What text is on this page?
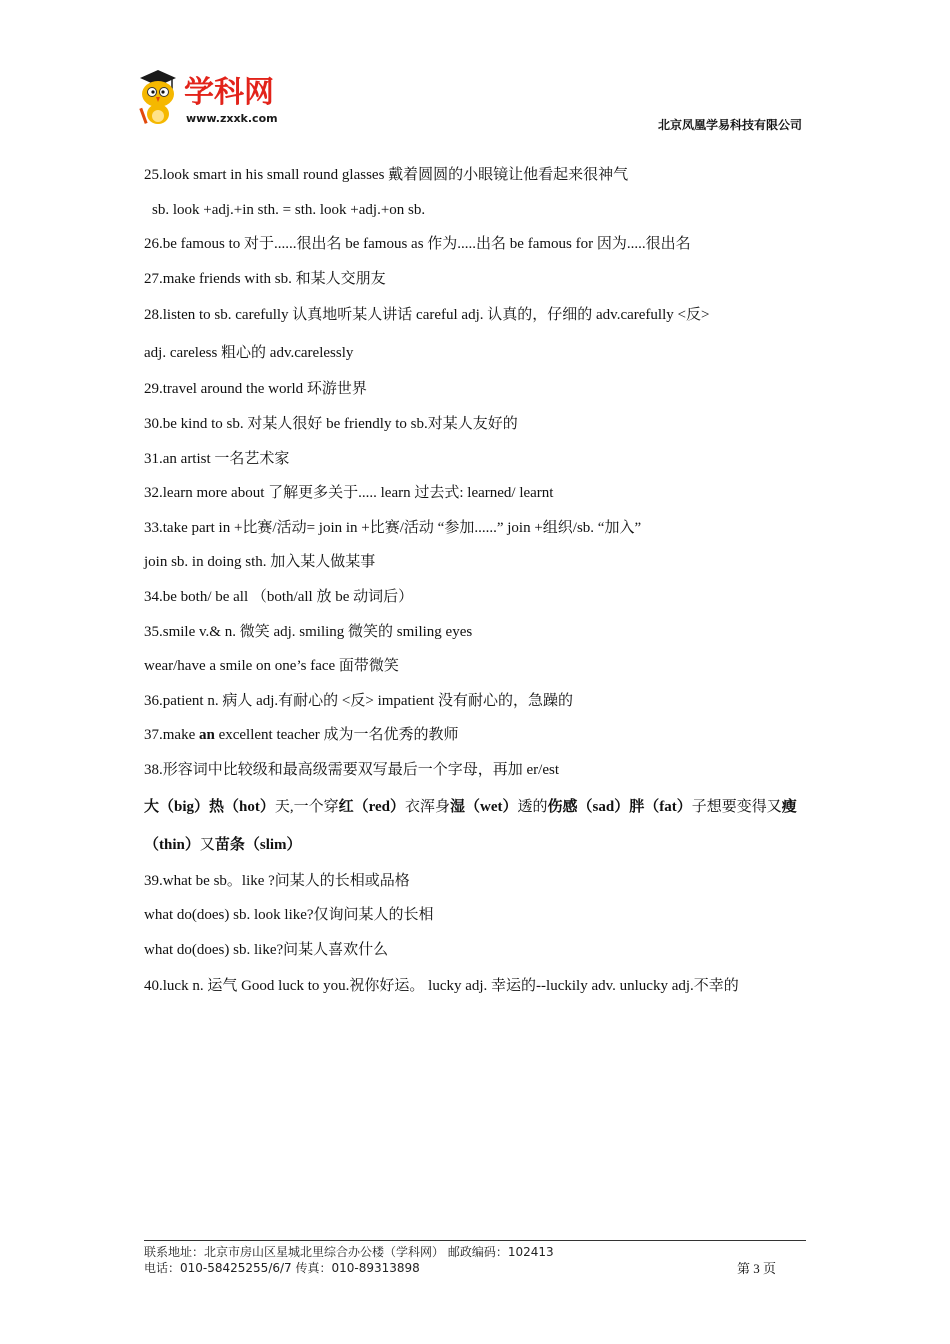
学科网
www.zxxk.com	北京凤凰学易科技有限公司
25.look smart in his small round glasses 戴着圆圆的小眼镜让他看起来很神气
sb. look +adj.+in sth. = sth. look +adj.+on sb.
26.be famous to 对于......很出名 be famous as 作为.....出名 be famous for 因为.....很出名
27.make friends with sb. 和某人交朋友
28.listen to sb. carefully 认真地听某人讲话 careful adj. 认真的，仔细的 adv.carefully <反>
adj. careless 粗心的 adv.carelessly
29.travel around the world 环游世界
30.be kind to sb. 对某人很好 be friendly to sb.对某人友好的
31.an artist 一名艺术家
32.learn more about 了解更多关于..... learn 过去式: learned/ learnt
33.take part in +比赛/活动= join in +比赛/活动 “参加......” join +组织/sb. “加入”
join sb. in doing sth. 加入某人做某事
34.be both/ be all （both/all 放 be 动词后）
35.smile v.& n. 微笑 adj. smiling 微笑的 smiling eyes
wear/have a smile on one’s face 面带微笑
36.patient n. 病人 adj.有耐心的 <反> impatient 没有耐心的，急躁的
37.make an excellent teacher 成为一名优秀的教师
38.形容词中比较级和最高级需要双写最后一个字母，再加 er/est
大（big）热（hot）天,一个穿红（red）衣浑身湿（wet）透的伤感（sad）胖（fat）子想要变得又瘦（thin）又苗条（slim）
39.what be sb。like ?问某人的长相或品格
what do(does) sb. look like?仅询问某人的长相
what do(does) sb. like?问某人喜欢什么
40.luck n. 运气 Good luck to you.祝你好运。 lucky adj. 幸运的--luckily adv. unlucky adj.不幸的
联系地址：北京市房山区星城北里综合办公楼（学科网） 邮政编码：102413
电话：010-58425255/6/7 传真：010-89313898	第 3 页
